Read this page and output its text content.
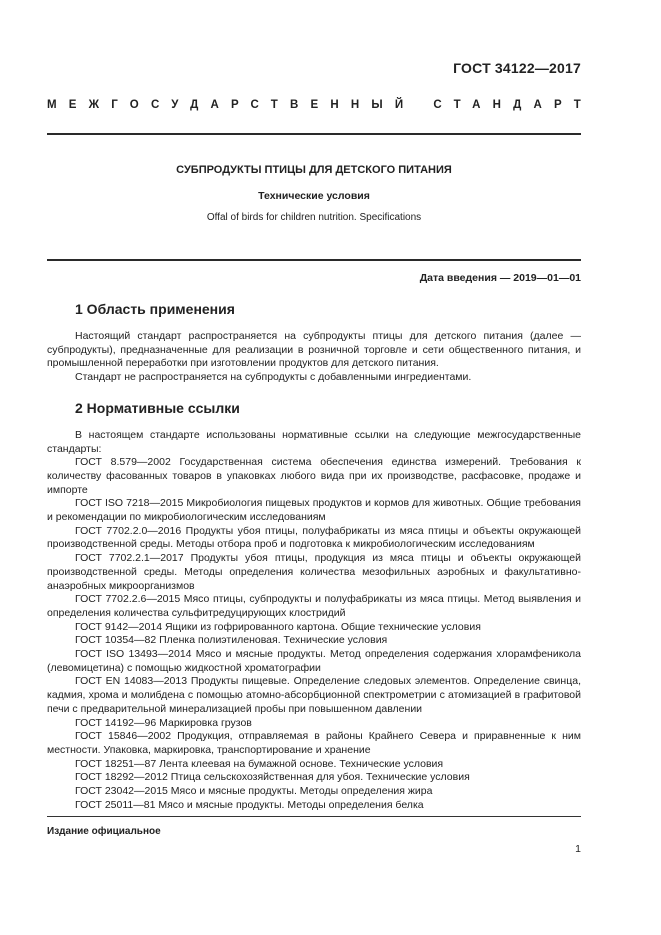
ГОСТ 34122—2017
МЕЖГОСУДАРСТВЕННЫЙ СТАНДАРТ
СУБПРОДУКТЫ ПТИЦЫ ДЛЯ ДЕТСКОГО ПИТАНИЯ
Технические условия
Offal of birds for children nutrition. Specifications
Дата введения — 2019—01—01
1 Область применения

Настоящий стандарт распространяется на субпродукты птицы для детского питания (далее — субпродукты), предназначенные для реализации в розничной торговле и сети общественного питания, и промышленной переработки при изготовлении продуктов для детского питания.

Стандарт не распространяется на субпродукты с добавленными ингредиентами.

2 Нормативные ссылки

В настоящем стандарте использованы нормативные ссылки на следующие межгосударственные стандарты:

ГОСТ 8.579—2002 Государственная система обеспечения единства измерений. Требования к количеству фасованных товаров в упаковках любого вида при их производстве, расфасовке, продаже и импорте

ГОСТ ISO 7218—2015 Микробиология пищевых продуктов и кормов для животных. Общие требования и рекомендации по микробиологическим исследованиям

ГОСТ 7702.2.0—2016 Продукты убоя птицы, полуфабрикаты из мяса птицы и объекты окружающей производственной среды. Методы отбора проб и подготовка к микробиологическим исследованиям

ГОСТ 7702.2.1—2017 Продукты убоя птицы, продукция из мяса птицы и объекты окружающей производственной среды. Методы определения количества мезофильных аэробных и факультативно-анаэробных микроорганизмов

ГОСТ 7702.2.6—2015 Мясо птицы, субпродукты и полуфабрикаты из мяса птицы. Метод выявления и определения количества сульфитредуцирующих клостридий

ГОСТ 9142—2014 Ящики из гофрированного картона. Общие технические условия

ГОСТ 10354—82 Пленка полиэтиленовая. Технические условия

ГОСТ ISO 13493—2014 Мясо и мясные продукты. Метод определения содержания хлорамфеникола (левомицетина) с помощью жидкостной хроматографии

ГОСТ EN 14083—2013 Продукты пищевые. Определение следовых элементов. Определение свинца, кадмия, хрома и молибдена с помощью атомно-абсорбционной спектрометрии с атомизацией в графитовой печи с предварительной минерализацией пробы при повышенном давлении

ГОСТ 14192—96 Маркировка грузов

ГОСТ 15846—2002 Продукция, отправляемая в районы Крайнего Севера и приравненные к ним местности. Упаковка, маркировка, транспортирование и хранение

ГОСТ 18251—87 Лента клеевая на бумажной основе. Технические условия

ГОСТ 18292—2012 Птица сельскохозяйственная для убоя. Технические условия

ГОСТ 23042—2015 Мясо и мясные продукты. Методы определения жира

ГОСТ 25011—81 Мясо и мясные продукты. Методы определения белка

Издание официальное
1
